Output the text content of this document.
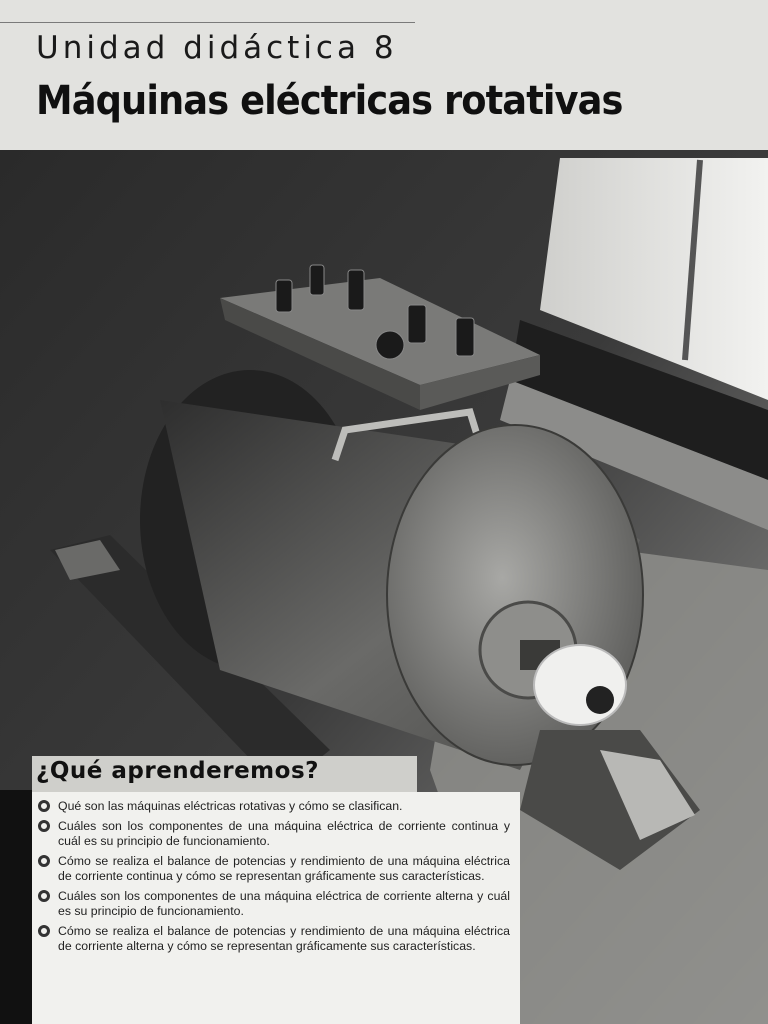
Unidad didáctica 8
Máquinas eléctricas rotativas
¿Qué aprenderemos?
Qué son las máquinas eléctricas rotativas y cómo se clasifican.
Cuáles son los componentes de una máquina eléctrica de corriente continua y cuál es su principio de funcionamiento.
Cómo se realiza el balance de potencias y rendimiento de una máquina eléctrica de corriente continua y cómo se representan gráficamente sus características.
Cuáles son los componentes de una máquina eléctrica de corriente alterna y cuál es su principio de funcionamiento.
Cómo se realiza el balance de potencias y rendimiento de una máquina eléctrica de corriente alterna y cómo se representan gráficamente sus características.
